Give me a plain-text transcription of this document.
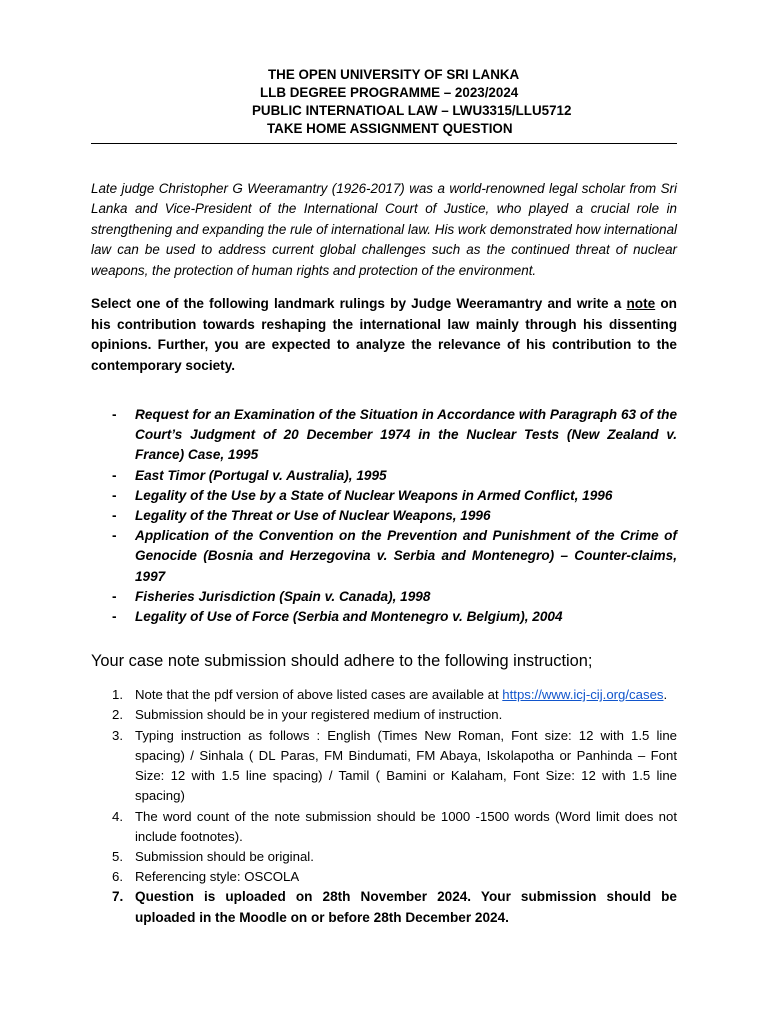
THE OPEN UNIVERSITY OF SRI LANKA
LLB DEGREE PROGRAMME – 2023/2024
PUBLIC INTERNATIOAL LAW – LWU3315/LLU5712
TAKE HOME ASSIGNMENT QUESTION

Late judge Christopher G Weeramantry (1926-2017) was a world-renowned legal scholar from Sri Lanka and Vice-President of the International Court of Justice, who played a crucial role in strengthening and expanding the rule of international law. His work demonstrated how international law can be used to address current global challenges such as the continued threat of nuclear weapons, the protection of human rights and protection of the environment.

Select one of the following landmark rulings by Judge Weeramantry and write a note on his contribution towards reshaping the international law mainly through his dissenting opinions. Further, you are expected to analyze the relevance of his contribution to the contemporary society.

- Request for an Examination of the Situation in Accordance with Paragraph 63 of the Court’s Judgment of 20 December 1974 in the Nuclear Tests (New Zealand v. France) Case, 1995
- East Timor (Portugal v. Australia), 1995
- Legality of the Use by a State of Nuclear Weapons in Armed Conflict, 1996
- Legality of the Threat or Use of Nuclear Weapons, 1996
- Application of the Convention on the Prevention and Punishment of the Crime of Genocide (Bosnia and Herzegovina v. Serbia and Montenegro) – Counter-claims, 1997
- Fisheries Jurisdiction (Spain v. Canada), 1998
- Legality of Use of Force (Serbia and Montenegro v. Belgium), 2004
Your case note submission should adhere to the following instruction;
1. Note that the pdf version of above listed cases are available at https://www.icj-cij.org/cases.
2. Submission should be in your registered medium of instruction.
3. Typing instruction as follows : English (Times New Roman, Font size: 12 with 1.5 line spacing) / Sinhala ( DL Paras, FM Bindumati, FM Abaya, Iskolapotha or Panhinda – Font Size: 12 with 1.5 line spacing) / Tamil ( Bamini or Kalaham, Font Size: 12 with 1.5 line spacing)
4. The word count of the note submission should be 1000 -1500 words (Word limit does not include footnotes).
5. Submission should be original.
6. Referencing style: OSCOLA
7. Question is uploaded on 28th November 2024. Your submission should be uploaded in the Moodle on or before 28th December 2024.
